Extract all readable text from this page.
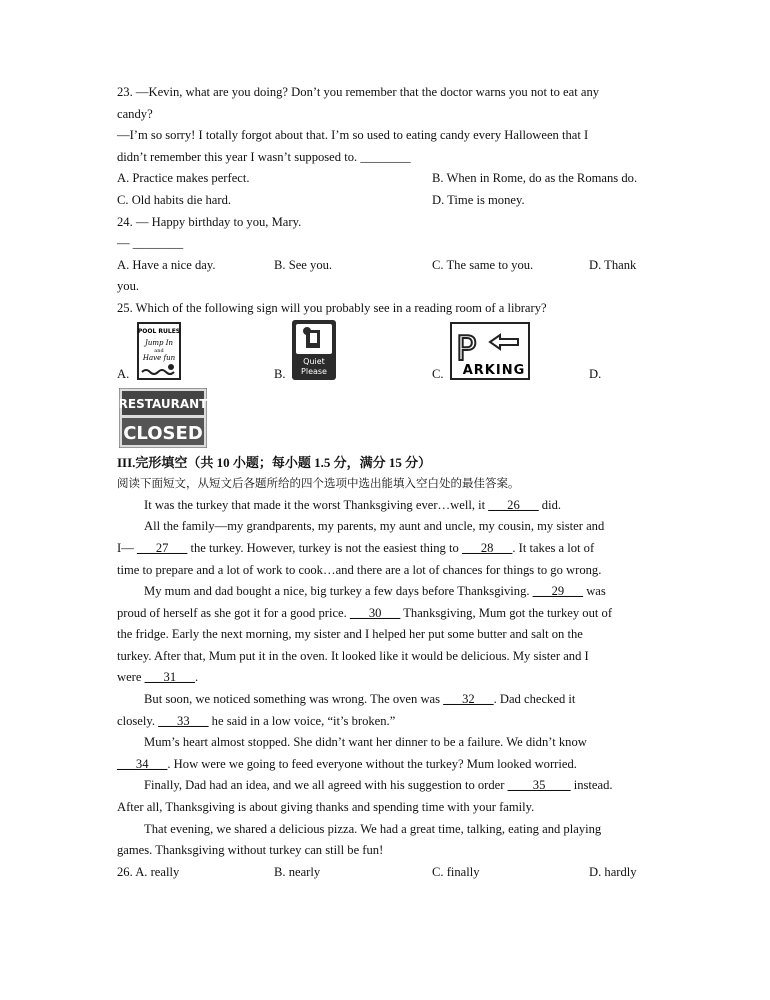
23. —Kevin, what are you doing? Don’t you remember that the doctor warns you not to eat any
candy?
—I’m so sorry! I totally forgot about that. I’m so used to eating candy every Halloween that I
didn’t remember this year I wasn’t supposed to. ________
A. Practice makes perfect.	B. When in Rome, do as the Romans do.
C. Old habits die hard.	D. Time is money.
24. — Happy birthday to you, Mary.
— ________
A. Have a nice day.	B. See you.	C. The same to you.	D. Thank
you.
25. Which of the following sign will you probably see in a reading room of a library?
A.
POOL RULES
Jump In
and
Have fun
B.
Quiet
Please	C.
P
ARKING	D.
RESTAURANT
CLOSED
III.完形填空（共 10 小题；每小题 1.5 分，满分 15 分）
阅读下面短文，从短文后各题所给的四个选项中选出能填入空白处的最佳答案。
It was the turkey that made it the worst Thanksgiving ever…well, it ___26___ did.
All the family—my grandparents, my parents, my aunt and uncle, my cousin, my sister and
I— ___27___ the turkey. However, turkey is not the easiest thing to ___28___. It takes a lot of
time to prepare and a lot of work to cook…and there are a lot of chances for things to go wrong.
My mum and dad bought a nice, big turkey a few days before Thanksgiving. ___29___ was
proud of herself as she got it for a good price. ___30___ Thanksgiving, Mum got the turkey out of
the fridge. Early the next morning, my sister and I helped her put some butter and salt on the
turkey. After that, Mum put it in the oven. It looked like it would be delicious. My sister and I
were ___31___.
But soon, we noticed something was wrong. The oven was ___32___. Dad checked it
closely. ___33___ he said in a low voice, “it’s broken.”
Mum’s heart almost stopped. She didn’t want her dinner to be a failure. We didn’t know
___34___. How were we going to feed everyone without the turkey? Mum looked worried.
Finally, Dad had an idea, and we all agreed with his suggestion to order ____35____ instead.
After all, Thanksgiving is about giving thanks and spending time with your family.
That evening, we shared a delicious pizza. We had a great time, talking, eating and playing
games. Thanksgiving without turkey can still be fun!
26. A. really	B. nearly	C. finally	D. hardly
